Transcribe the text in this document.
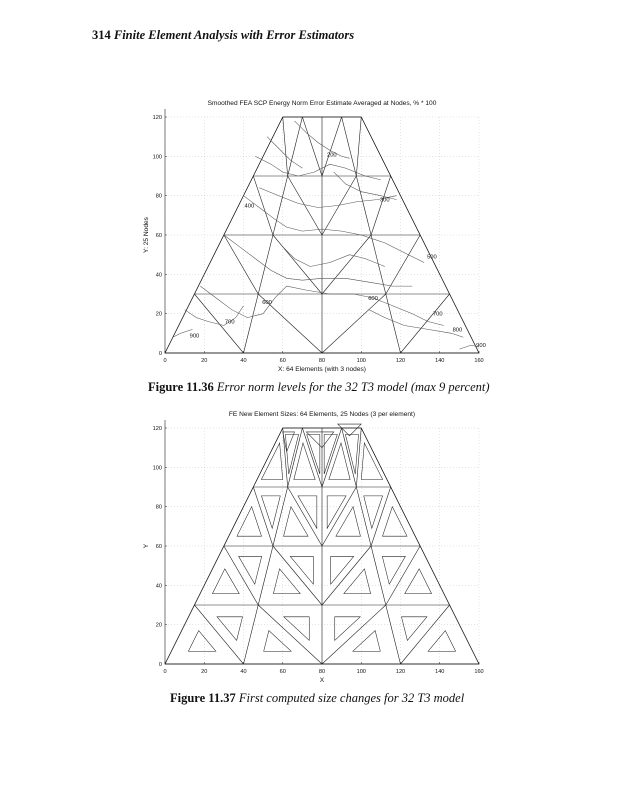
314 Finite Element Analysis with Error Estimators
0	20	40	60	80	100	120	140	160
0
20
40
60
80
100
120
Smoothed FEA SCP Energy Norm Error Estimate Averaged at Nodes, % * 100
X: 64 Elements (with 3 nodes)
Y: 25 Nodes
200
300
400
500
600
600
700
700
800
900
900
0	20	40	60	80	100	120	140	160
0
20
40
60
80
100
120
FE New Element Sizes: 64 Elements, 25 Nodes (3 per element)
X
Y
Figure 11.36 Error norm levels for the 32 T3 model (max 9 percent)
Figure 11.37 First computed size changes for 32 T3 model
